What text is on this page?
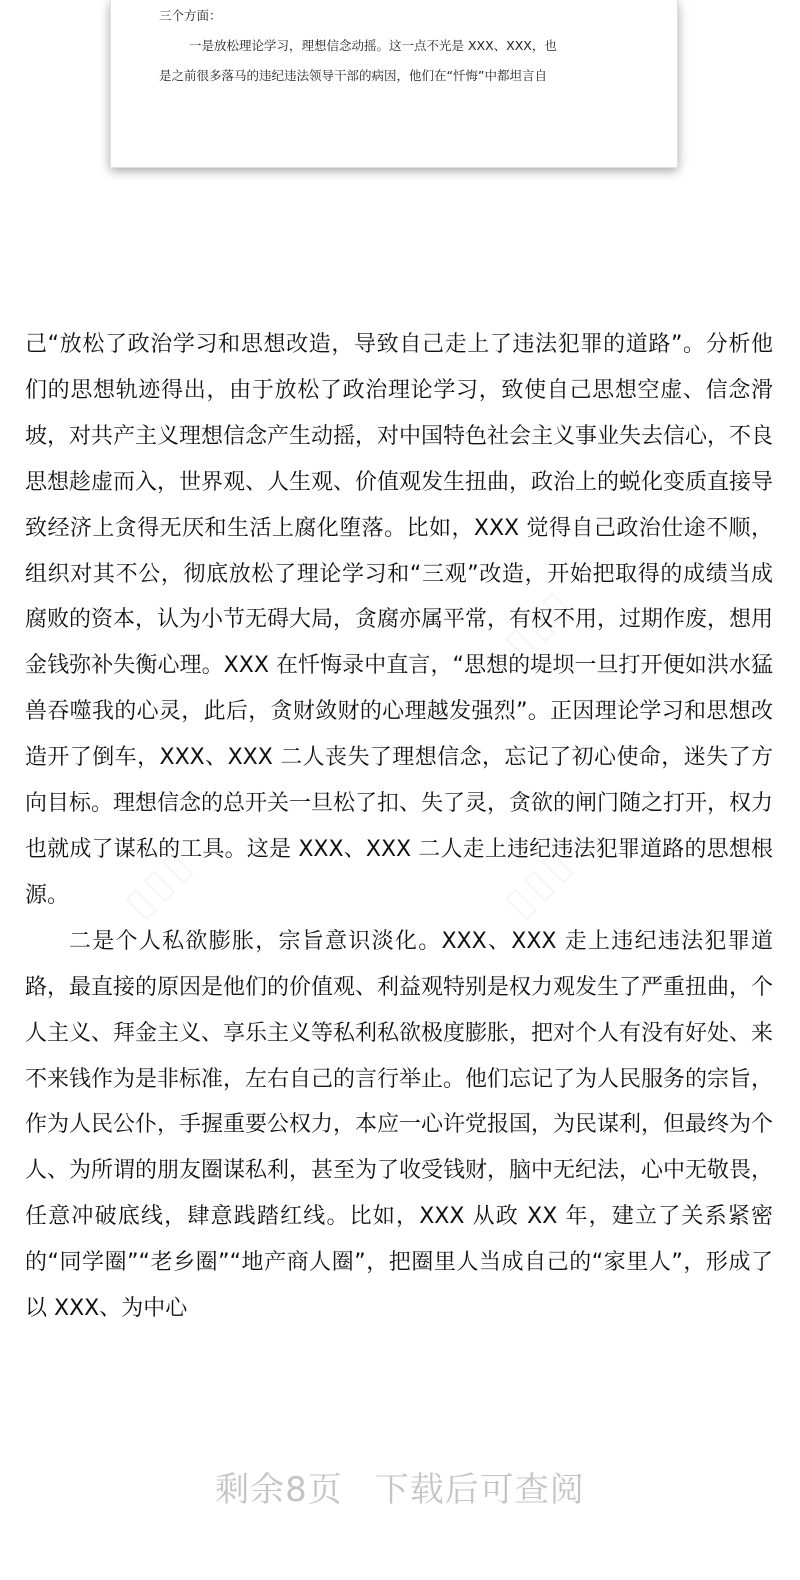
三个方面：

一是放松理论学习，理想信念动摇。这一点不光是 XXX、XXX，也

是之前很多落马的违纪违法领导干部的病因，他们在“忏悔”中都坦言自

己“放松了政治学习和思想改造，导致自己走上了违法犯罪的道路”。分析他们的思想轨迹得出，由于放松了政治理论学习，致使自己思想空虚、信念滑坡，对共产主义理想信念产生动摇，对中国特色社会主义事业失去信心，不良思想趁虚而入，世界观、人生观、价值观发生扭曲，政治上的蜕化变质直接导致经济上贪得无厌和生活上腐化堕落。比如，XXX 觉得自己政治仕途不顺，组织对其不公，彻底放松了理论学习和“三观”改造，开始把取得的成绩当成腐败的资本，认为小节无碍大局，贪腐亦属平常，有权不用，过期作废，想用金钱弥补失衡心理。XXX 在忏悔录中直言，“思想的堤坝一旦打开便如洪水猛兽吞噬我的心灵，此后，贪财敛财的心理越发强烈”。正因理论学习和思想改造开了倒车，XXX、XXX 二人丧失了理想信念，忘记了初心使命，迷失了方向目标。理想信念的总开关一旦松了扣、失了灵，贪欲的闸门随之打开，权力也就成了谋私的工具。这是 XXX、XXX 二人走上违纪违法犯罪道路的思想根源。

二是个人私欲膨胀，宗旨意识淡化。XXX、XXX 走上违纪违法犯罪道路，最直接的原因是他们的价值观、利益观特别是权力观发生了严重扭曲，个人主义、拜金主义、享乐主义等私利私欲极度膨胀，把对个人有没有好处、来不来钱作为是非标准，左右自己的言行举止。他们忘记了为人民服务的宗旨，作为人民公仆，手握重要公权力，本应一心许党报国，为民谋利，但最终为个人、为所谓的朋友圈谋私利，甚至为了收受钱财，脑中无纪法，心中无敬畏，任意冲破底线，肆意践踏红线。比如，XXX 从政 XX 年，建立了关系紧密的“同学圈”“老乡圈”“地产商人圈”，把圈里人当成自己的“家里人”，形成了以 XXX、为中心

剩余8页 下载后可查阅
